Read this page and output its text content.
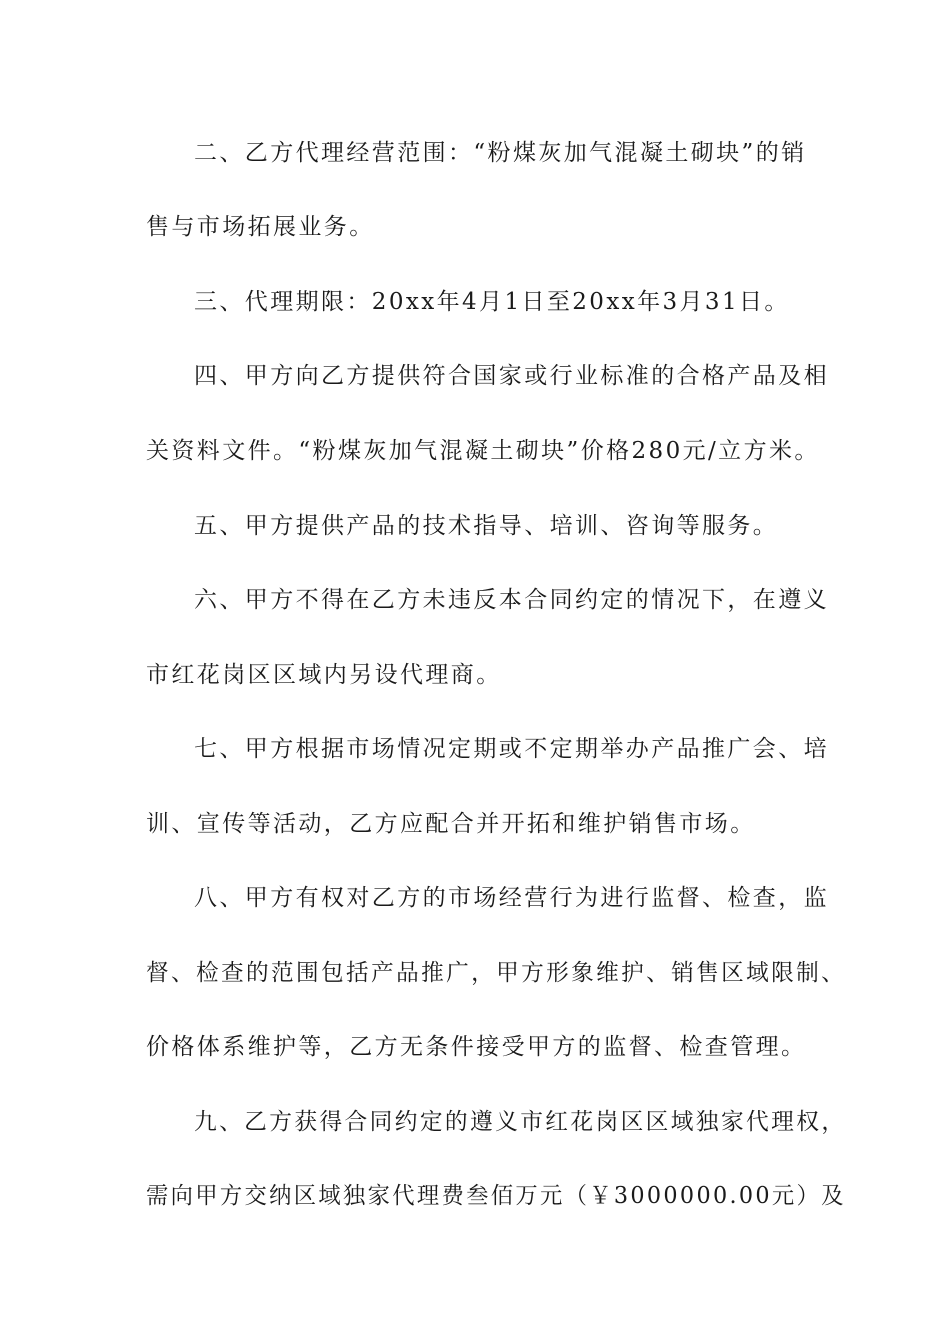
二、乙方代理经营范围：“粉煤灰加气混凝土砌块”的销
售与市场拓展业务。
三、代理期限：20xx年4月1日至20xx年3月31日。
四、甲方向乙方提供符合国家或行业标准的合格产品及相
关资料文件。“粉煤灰加气混凝土砌块”价格280元/立方米。
五、甲方提供产品的技术指导、培训、咨询等服务。
六、甲方不得在乙方未违反本合同约定的情况下，在遵义
市红花岗区区域内另设代理商。
七、甲方根据市场情况定期或不定期举办产品推广会、培
训、宣传等活动，乙方应配合并开拓和维护销售市场。
八、甲方有权对乙方的市场经营行为进行监督、检查，监
督、检查的范围包括产品推广，甲方形象维护、销售区域限制、
价格体系维护等，乙方无条件接受甲方的监督、检查管理。
九、乙方获得合同约定的遵义市红花岗区区域独家代理权，
需向甲方交纳区域独家代理费叁佰万元（￥3000000.00元）及
